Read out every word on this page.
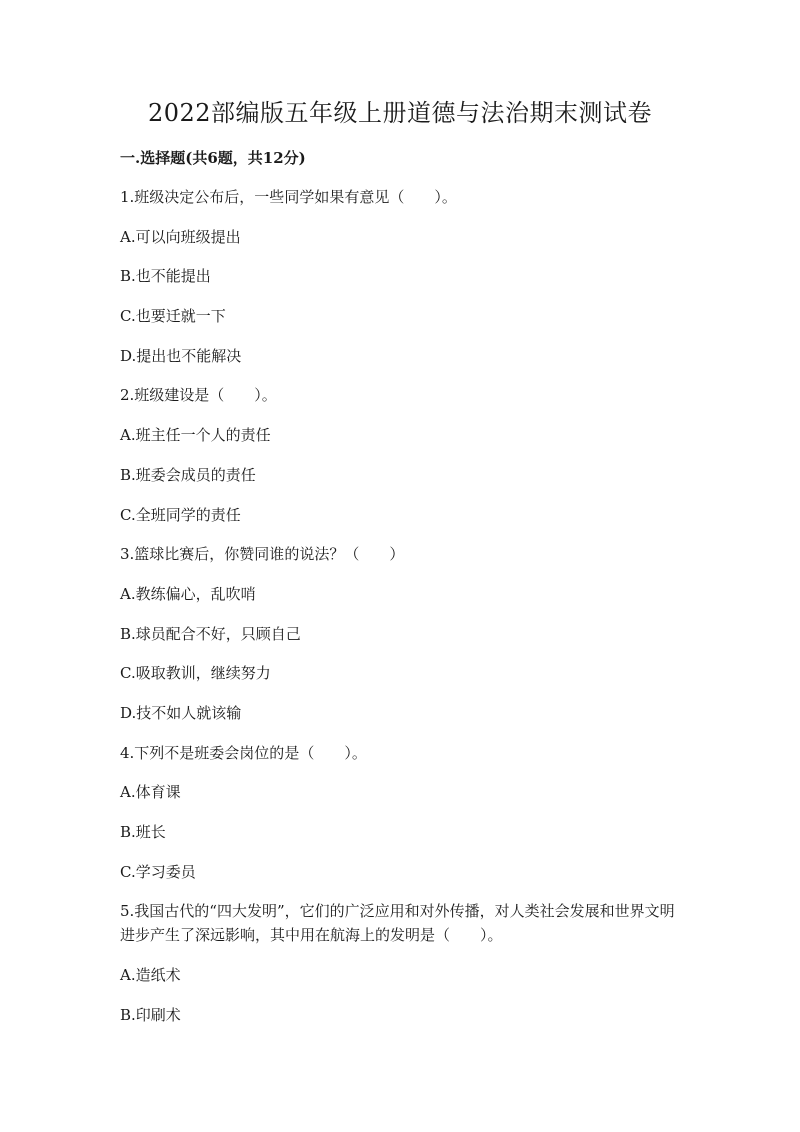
2022部编版五年级上册道德与法治期末测试卷
一.选择题(共6题，共12分)

1.班级决定公布后，一些同学如果有意见（　　）。

A.可以向班级提出

B.也不能提出

C.也要迁就一下

D.提出也不能解决

2.班级建设是（　　）。

A.班主任一个人的责任

B.班委会成员的责任

C.全班同学的责任

3.篮球比赛后，你赞同谁的说法？（　　）

A.教练偏心，乱吹哨

B.球员配合不好，只顾自己

C.吸取教训，继续努力

D.技不如人就该输

4.下列不是班委会岗位的是（　　）。

A.体育课

B.班长

C.学习委员

5.我国古代的“四大发明”，它们的广泛应用和对外传播，对人类社会发展和世界文明进步产生了深远影响，其中用在航海上的发明是（　　）。

A.造纸术

B.印刷术
